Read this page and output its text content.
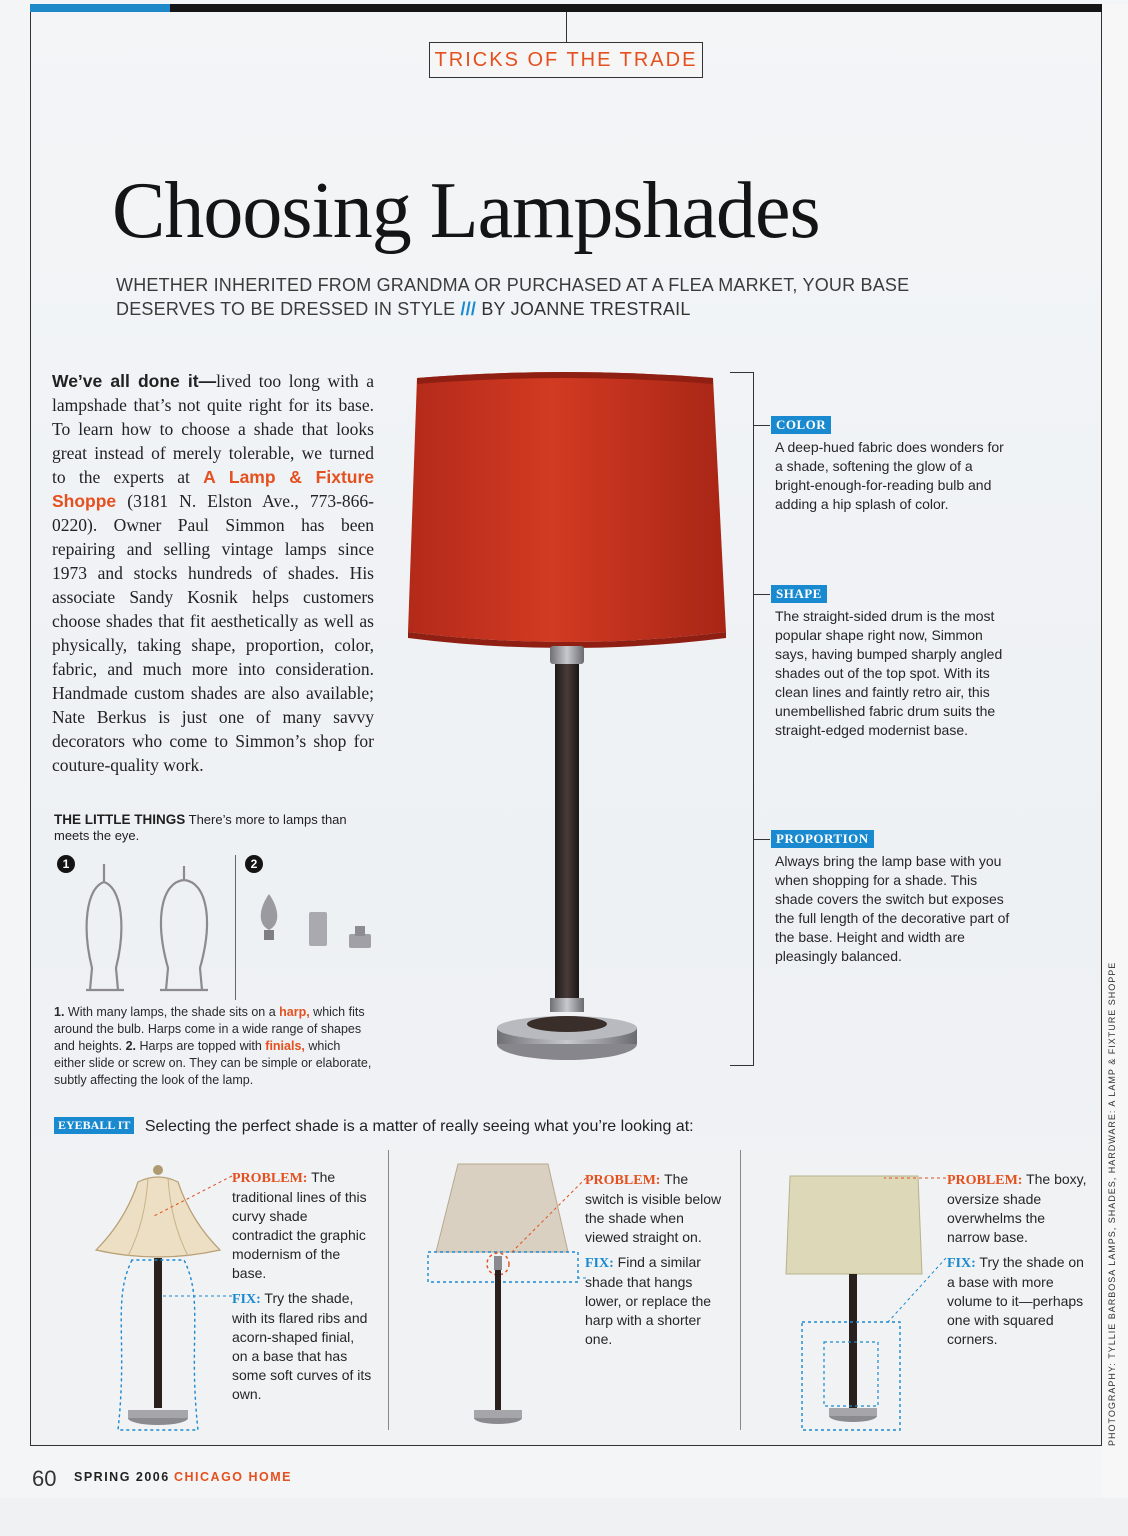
TRICKS OF THE TRADE
Choosing Lampshades
WHETHER INHERITED FROM GRANDMA OR PURCHASED AT A FLEA MARKET, YOUR BASE
DESERVES TO BE DRESSED IN STYLE /// BY JOANNE TRESTRAIL
We’ve all done it—lived too long with a lampshade that’s not quite right for its base. To learn how to choose a shade that looks great instead of merely tolerable, we turned to the experts at A Lamp & Fixture Shoppe (3181 N. Elston Ave., 773-866-0220). Owner Paul Simmon has been repairing and selling vintage lamps since 1973 and stocks hundreds of shades. His associate Sandy Kosnik helps customers choose shades that fit aesthetically as well as physically, taking shape, proportion, color, fabric, and much more into consideration. Handmade custom shades are also available; Nate Berkus is just one of many savvy decorators who come to Simmon’s shop for couture-quality work.
COLOR
A deep-hued fabric does wonders for a shade, softening the glow of a bright-enough-for-reading bulb and adding a hip splash of color.
SHAPE
The straight-sided drum is the most popular shape right now, Simmon says, having bumped sharply angled shades out of the top spot. With its clean lines and faintly retro air, this unembellished fabric drum suits the straight-edged modernist base.
PROPORTION
Always bring the lamp base with you when shopping for a shade. This shade covers the switch but exposes the full length of the decorative part of the base. Height and width are pleasingly balanced.
THE LITTLE THINGS There’s more to lamps than meets the eye.
1	2
1. With many lamps, the shade sits on a harp, which fits around the bulb. Harps come in a wide range of shapes and heights. 2. Harps are topped with finials, which either slide or screw on. They can be simple or elaborate, subtly affecting the look of the lamp.
EYEBALL IT Selecting the perfect shade is a matter of really seeing what you’re looking at:

PROBLEM: The traditional lines of this curvy shade contradict the graphic modernism of the base.

FIX: Try the shade, with its flared ribs and acorn-shaped finial, on a base that has some soft curves of its own.

PROBLEM: The switch is visible below the shade when viewed straight on.

FIX: Find a similar shade that hangs lower, or replace the harp with a shorter one.

PROBLEM: The boxy, oversize shade overwhelms the narrow base.

FIX: Try the shade on a base with more volume to it—perhaps one with squared corners.	PHOTOGRAPHY: TYLLIE BARBOSA LAMPS, SHADES, HARDWARE: A LAMP & FIXTURE SHOPPE
60 SPRING 2006 CHICAGO HOME
